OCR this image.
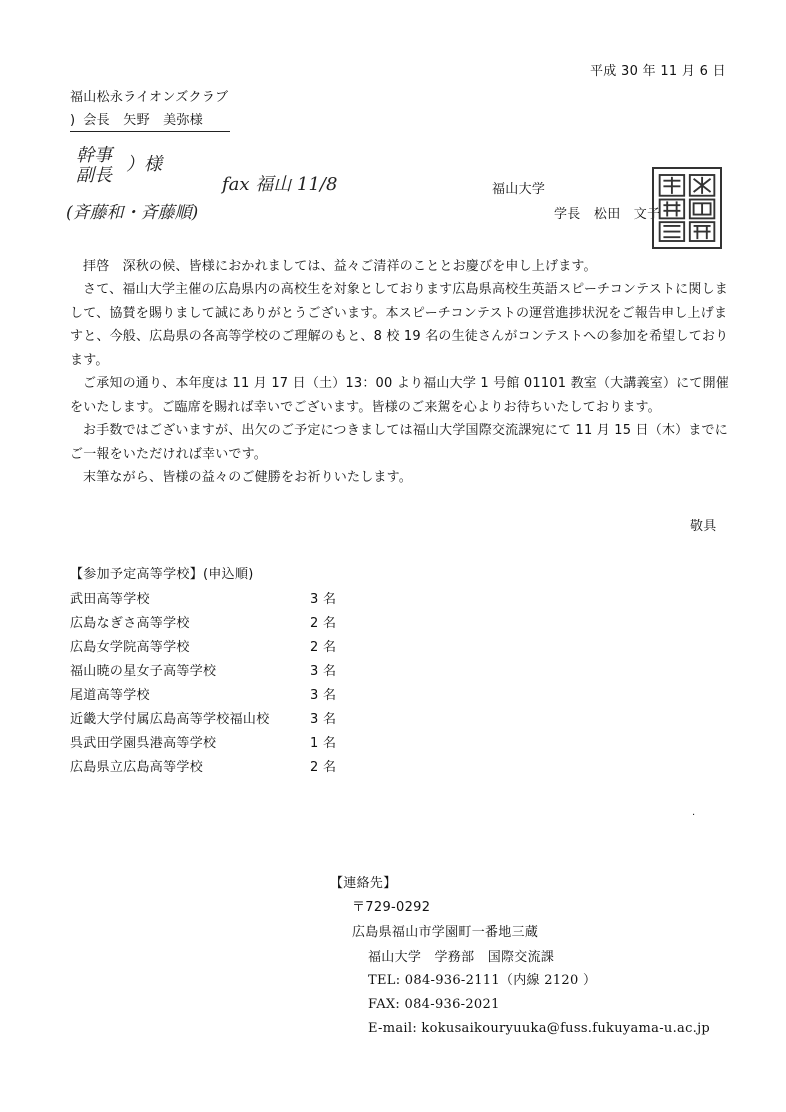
平成 30 年 11 月 6 日
福山松永ライオンズクラブ
) 会長　矢野　美弥様
幹事
副長
）様
fax 福山 11/8
(斉藤和・斉藤順)
福山大学
学長　松田　文子
拝啓　深秋の候、皆様におかれましては、益々ご清祥のこととお慶びを申し上げます。
さて、福山大学主催の広島県内の高校生を対象としております広島県高校生英語スピーチコンテストに関しまして、協賛を賜りまして誠にありがとうございます。本スピーチコンテストの運営進捗状況をご報告申し上げますと、今般、広島県の各高等学校のご理解のもと、8 校 19 名の生徒さんがコンテストへの参加を希望しております。
ご承知の通り、本年度は 11 月 17 日（土）13：00 より福山大学 1 号館 01101 教室（大講義室）にて開催をいたします。ご臨席を賜れば幸いでございます。皆様のご来駕を心よりお待ちいたしております。
お手数ではございますが、出欠のご予定につきましては福山大学国際交流課宛にて 11 月 15 日（木）までにご一報をいただければ幸いです。
末筆ながら、皆様の益々のご健勝をお祈りいたします。
敬具
【参加予定高等学校】(申込順)
武田高等学校	3 名
広島なぎさ高等学校	2 名
広島女学院高等学校	2 名
福山暁の星女子高等学校	3 名
尾道高等学校	3 名
近畿大学付属広島高等学校福山校	3 名
呉武田学園呉港高等学校	1 名
広島県立広島高等学校	2 名
·
【連絡先】
〒729-0292
広島県福山市学園町一番地三蔵
福山大学　学務部　国際交流課
TEL: 084-936-2111（内線 2120 ）
FAX: 084-936-2021
E-mail: kokusaikouryuuka@fuss.fukuyama-u.ac.jp
